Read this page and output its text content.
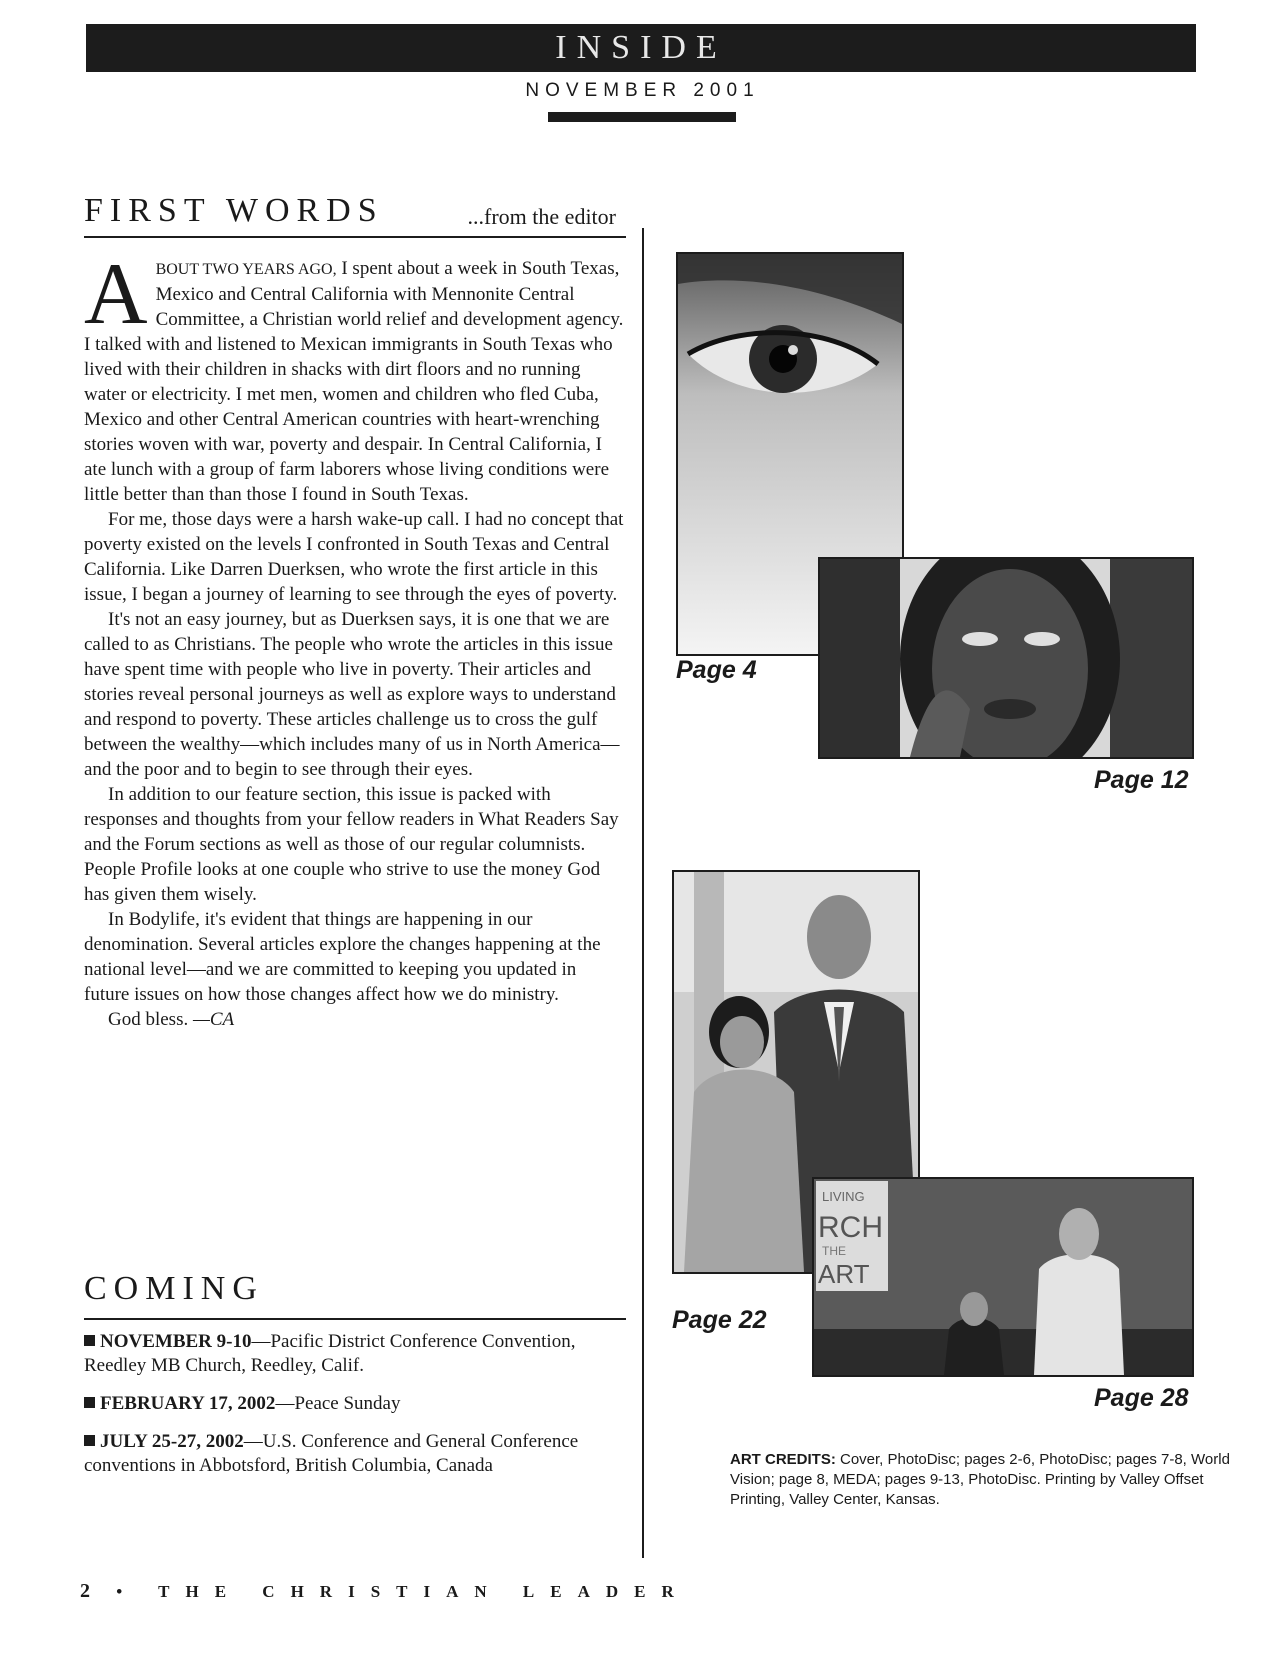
INSIDE
NOVEMBER 2001
FIRST WORDS	...from the editor

ABOUT TWO YEARS AGO, I spent about a week in South Texas, Mexico and Central California with Mennonite Central Committee, a Christian world relief and development agency. I talked with and listened to Mexican immigrants in South Texas who lived with their children in shacks with dirt floors and no running water or electricity. I met men, women and children who fled Cuba, Mexico and other Central American countries with heart-wrenching stories woven with war, poverty and despair. In Central California, I ate lunch with a group of farm laborers whose living conditions were little better than than those I found in South Texas.

For me, those days were a harsh wake-up call. I had no concept that poverty existed on the levels I confronted in South Texas and Central California. Like Darren Duerksen, who wrote the first article in this issue, I began a journey of learning to see through the eyes of poverty.

It's not an easy journey, but as Duerksen says, it is one that we are called to as Christians. The people who wrote the articles in this issue have spent time with people who live in poverty. Their articles and stories reveal personal journeys as well as explore ways to understand and respond to poverty. These articles challenge us to cross the gulf between the wealthy—which includes many of us in North America—and the poor and to begin to see through their eyes.

In addition to our feature section, this issue is packed with responses and thoughts from your fellow readers in What Readers Say and the Forum sections as well as those of our regular columnists. People Profile looks at one couple who strive to use the money God has given them wisely.

In Bodylife, it's evident that things are happening in our denomination. Several articles explore the changes happening at the national level—and we are committed to keeping you updated in future issues on how those changes affect how we do ministry.

God bless. —CA

COMING
NOVEMBER 9-10—Pacific District Conference Convention, Reedley MB Church, Reedley, Calif.
FEBRUARY 17, 2002—Peace Sunday
JULY 25-27, 2002—U.S. Conference and General Conference conventions in Abbotsford, British Columbia, Canada
Page 4
Page 12
LIVING
RCH
THE
ART
Page 22
Page 28
ART CREDITS: Cover, PhotoDisc; pages 2-6, PhotoDisc; pages 7-8, World Vision; page 8, MEDA; pages 9-13, PhotoDisc. Printing by Valley Offset Printing, Valley Center, Kansas.
2 • THE CHRISTIAN LEADER
